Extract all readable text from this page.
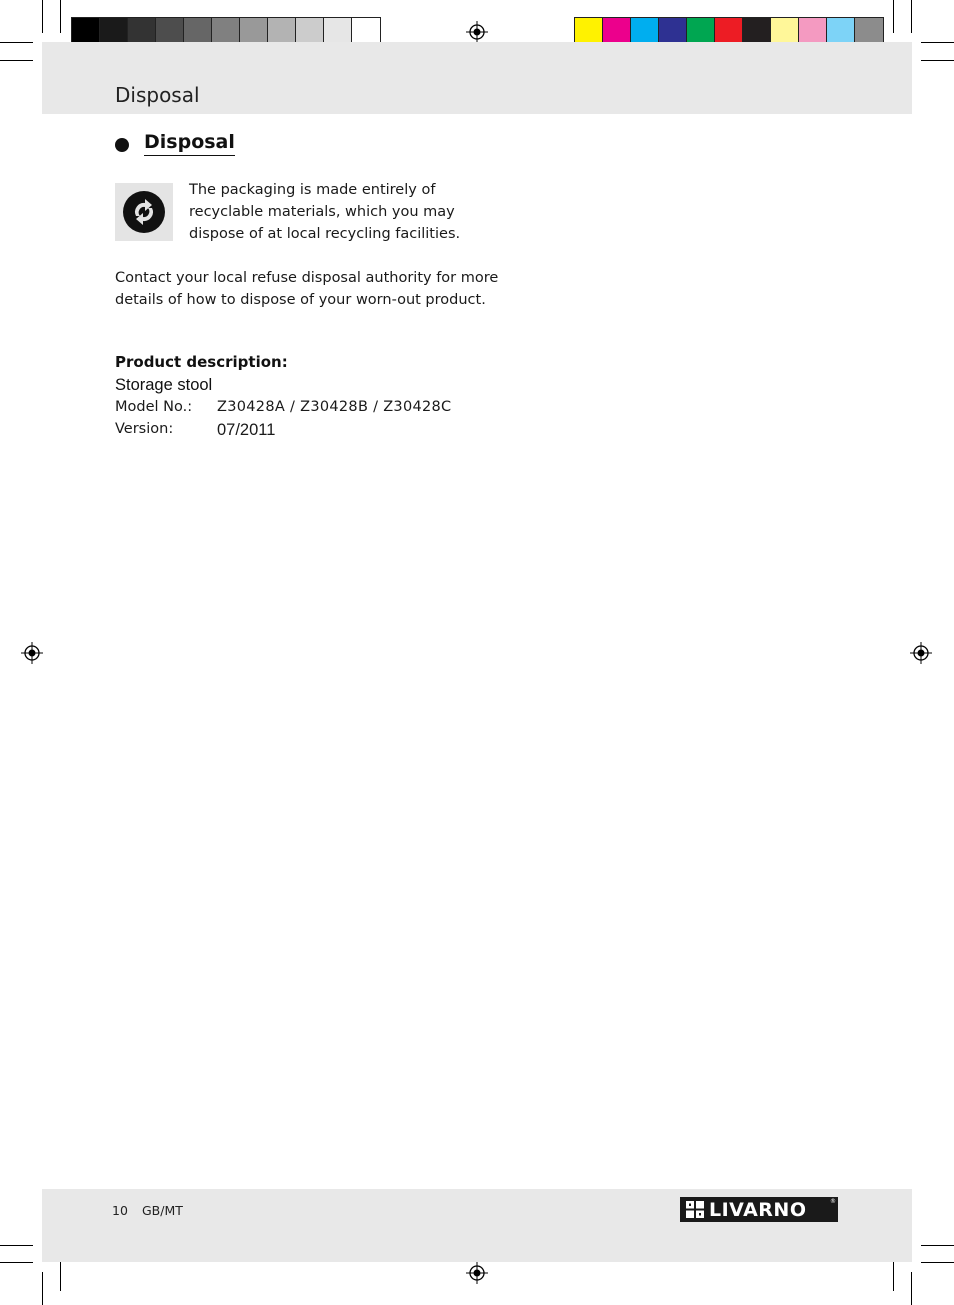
Disposal
Disposal
The packaging is made entirely of
recyclable materials, which you may
dispose of at local recycling facilities.
Contact your local refuse disposal authority for more
details of how to dispose of your worn-out product.
Product description:
Storage stool
Model No.: Z30428A / Z30428B / Z30428C
Version:	07/2011
10 GB/MT	LIVARNO	®
